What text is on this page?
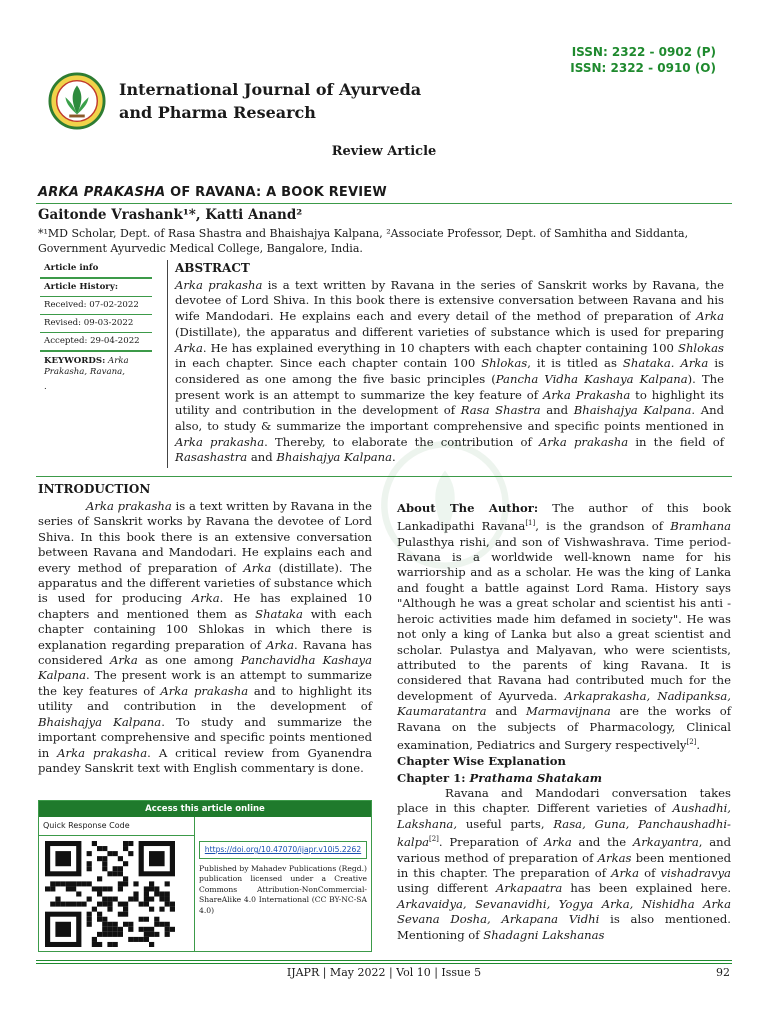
ISSN: 2322 - 0902 (P)
ISSN: 2322 - 0910 (O)
International Journal of Ayurveda
and Pharma Research
Review Article
ARKA PRAKASHA OF RAVANA: A BOOK REVIEW
Gaitonde Vrashank¹*, Katti Anand²
*¹MD Scholar, Dept. of Rasa Shastra and Bhaishajya Kalpana, ²Associate Professor, Dept. of Samhitha and Siddanta,
Government Ayurvedic Medical College, Bangalore, India.
Article info
Article History:
Received: 07-02-2022
Revised: 09-03-2022
Accepted: 29-04-2022
KEYWORDS: Arka Prakasha, Ravana,
.
ABSTRACT

Arka prakasha is a text written by Ravana in the series of Sanskrit works by Ravana, the devotee of Lord Shiva. In this book there is extensive conversation between Ravana and his wife Mandodari. He explains each and every detail of the method of preparation of Arka (Distillate), the apparatus and different varieties of substance which is used for preparing Arka. He has explained everything in 10 chapters with each chapter containing 100 Shlokas in each chapter. Since each chapter contain 100 Shlokas, it is titled as Shataka. Arka is considered as one among the five basic principles (Pancha Vidha Kashaya Kalpana). The present work is an attempt to summarize the key feature of Arka Prakasha to highlight its utility and contribution in the development of Rasa Shastra and Bhaishajya Kalpana. And also, to study & summarize the important comprehensive and specific points mentioned in Arka prakasha. Thereby, to elaborate the contribution of Arka prakasha in the field of Rasashastra and Bhaishajya Kalpana.

INTRODUCTION

Arka prakasha is a text written by Ravana in the series of Sanskrit works by Ravana the devotee of Lord Shiva. In this book there is an extensive conversation between Ravana and Mandodari. He explains each and every method of preparation of Arka (distillate). The apparatus and the different varieties of substance which is used for producing Arka. He has explained 10 chapters and mentioned them as Shataka with each chapter containing 100 Shlokas in which there is explanation regarding preparation of Arka. Ravana has considered Arka as one among Panchavidha Kashaya Kalpana. The present work is an attempt to summarize the key features of Arka prakasha and to highlight its utility and contribution in the development of Bhaishajya Kalpana. To study and summarize the important comprehensive and specific points mentioned in Arka prakasha. A critical review from Gyanendra pandey Sanskrit text with English commentary is done.

Access this article online
Quick Response Code
https://doi.org/10.47070/ijapr.v10i5.2262
Published by Mahadev Publications (Regd.) publication licensed under a Creative Commons Attribution-NonCommercial-ShareAlike 4.0 International (CC BY-NC-SA 4.0)

About The Author: The author of this book Lankadipathi Ravana[1], is the grandson of Bramhana Pulasthya rishi, and son of Vishwashrava. Time period- Ravana is a worldwide well-known name for his warriorship and as a scholar. He was the king of Lanka and fought a battle against Lord Rama. History says "Although he was a great scholar and scientist his anti - heroic activities made him defamed in society". He was not only a king of Lanka but also a great scientist and scholar. Pulastya and Malyavan, who were scientists, attributed to the parents of king Ravana. It is considered that Ravana had contributed much for the development of Ayurveda. Arkaprakasha, Nadipanksa, Kaumaratantra and Marmavijnana are the works of Ravana on the subjects of Pharmacology, Clinical examination, Pediatrics and Surgery respectively[2].

Chapter Wise Explanation
Chapter 1: Prathama Shatakam

Ravana and Mandodari conversation takes place in this chapter. Different varieties of Aushadhi, Lakshana, useful parts, Rasa, Guna, Panchaushadhi-kalpa[2]. Preparation of Arka and the Arkayantra, and various method of preparation of Arkas been mentioned in this chapter. The preparation of Arka of vishadravya using different Arkapaatra has been explained here. Arkavaidya, Sevanavidhi, Yogya Arka, Nishidha Arka Sevana Dosha, Arkapana Vidhi is also mentioned. Mentioning of Shadagni Lakshanas

IJAPR | May 2022 | Vol 10 | Issue 5	92
